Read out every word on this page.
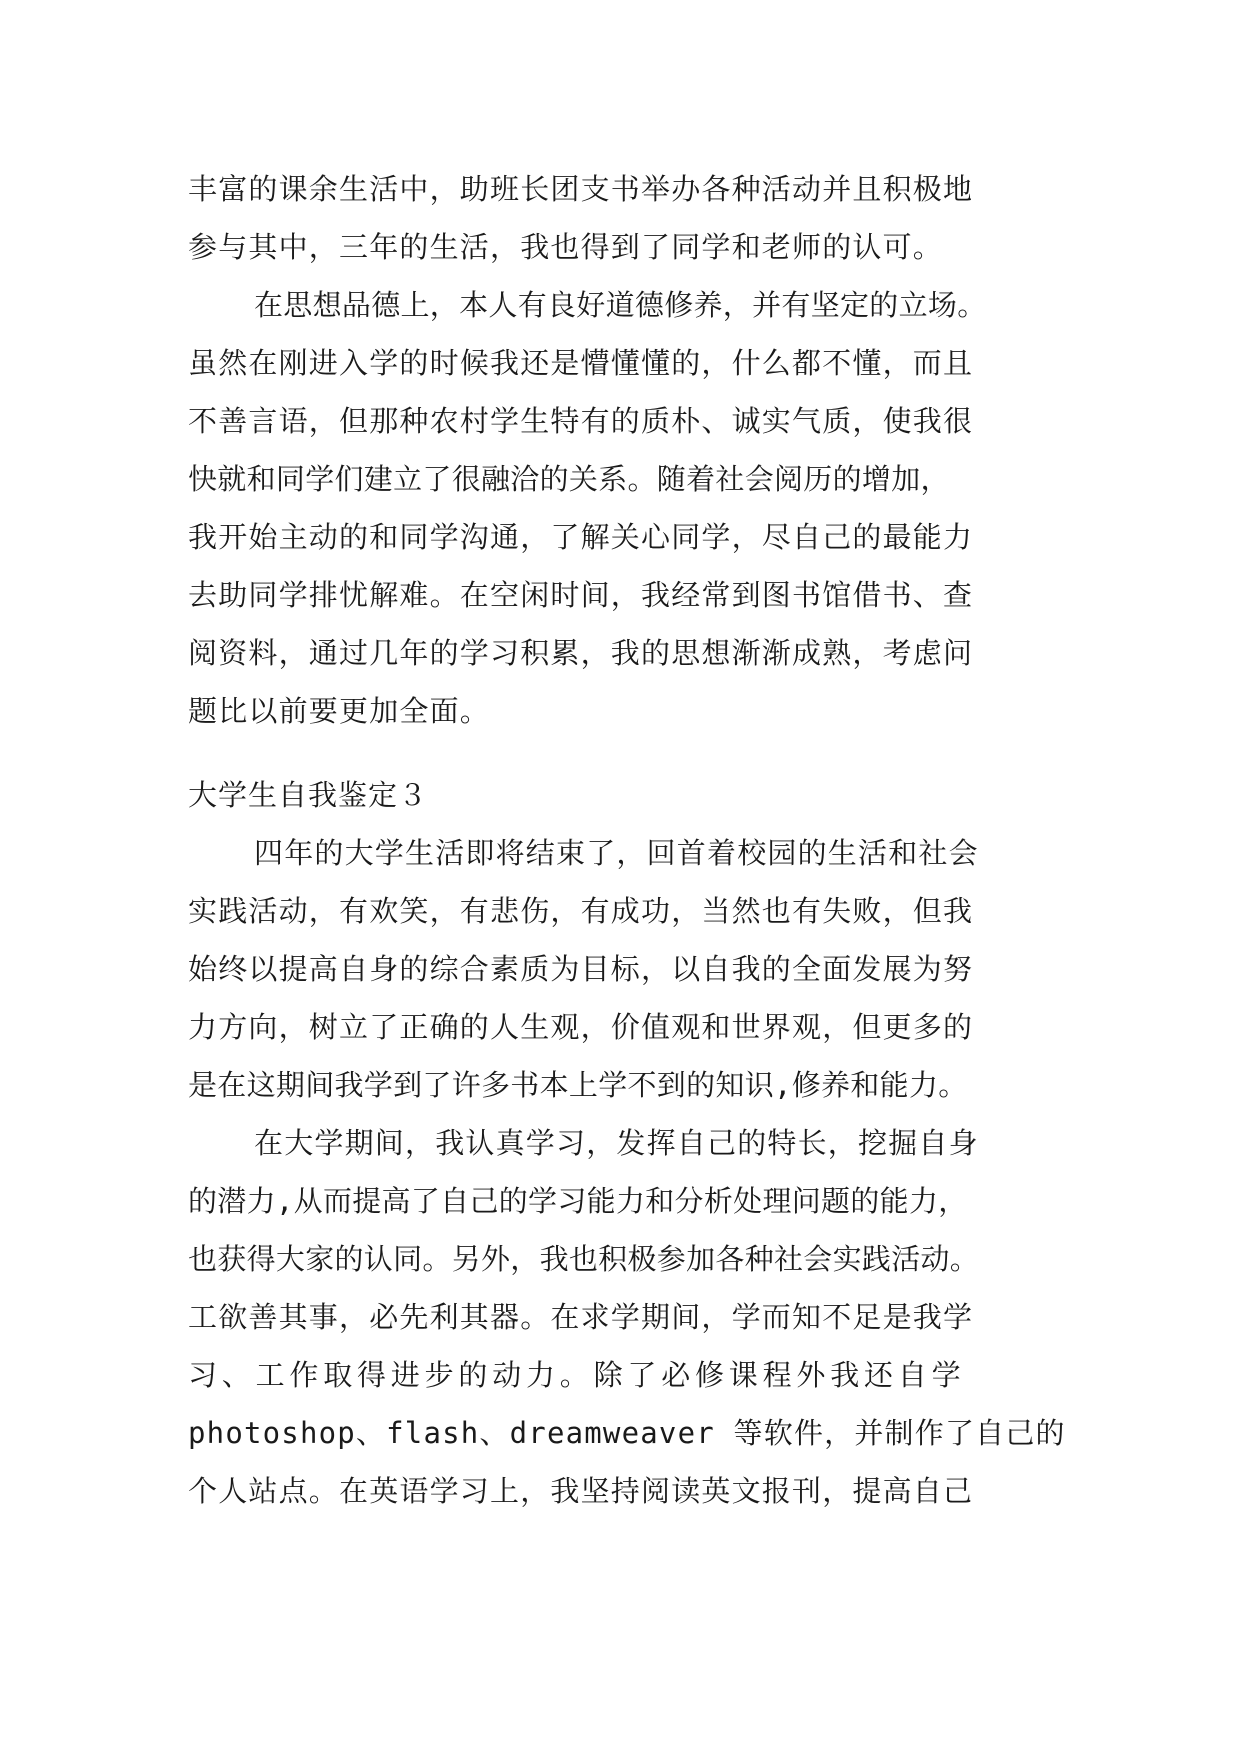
丰富的课余生活中，助班长团支书举办各种活动并且积极地
参与其中，三年的生活，我也得到了同学和老师的认可。
在思想品德上，本人有良好道德修养，并有坚定的立场。
虽然在刚进入学的时候我还是懵懂懂的，什么都不懂，而且
不善言语，但那种农村学生特有的质朴、诚实气质，使我很
快就和同学们建立了很融洽的关系。随着社会阅历的增加，
我开始主动的和同学沟通，了解关心同学，尽自己的最能力
去助同学排忧解难。在空闲时间，我经常到图书馆借书、查
阅资料，通过几年的学习积累，我的思想渐渐成熟，考虑问
题比以前要更加全面。
大学生自我鉴定３
四年的大学生活即将结束了，回首着校园的生活和社会
实践活动，有欢笑，有悲伤，有成功，当然也有失败，但我
始终以提高自身的综合素质为目标，以自我的全面发展为努
力方向，树立了正确的人生观，价值观和世界观，但更多的
是在这期间我学到了许多书本上学不到的知识,修养和能力。
在大学期间，我认真学习，发挥自己的特长，挖掘自身
的潜力,从而提高了自己的学习能力和分析处理问题的能力，
也获得大家的认同。另外，我也积极参加各种社会实践活动。
工欲善其事，必先利其器。在求学期间，学而知不足是我学
习、工作取得进步的动力。除了必修课程外我还自学
photoshop、flash、dreamweaver 等软件，并制作了自己的
个人站点。在英语学习上，我坚持阅读英文报刊，提高自己
